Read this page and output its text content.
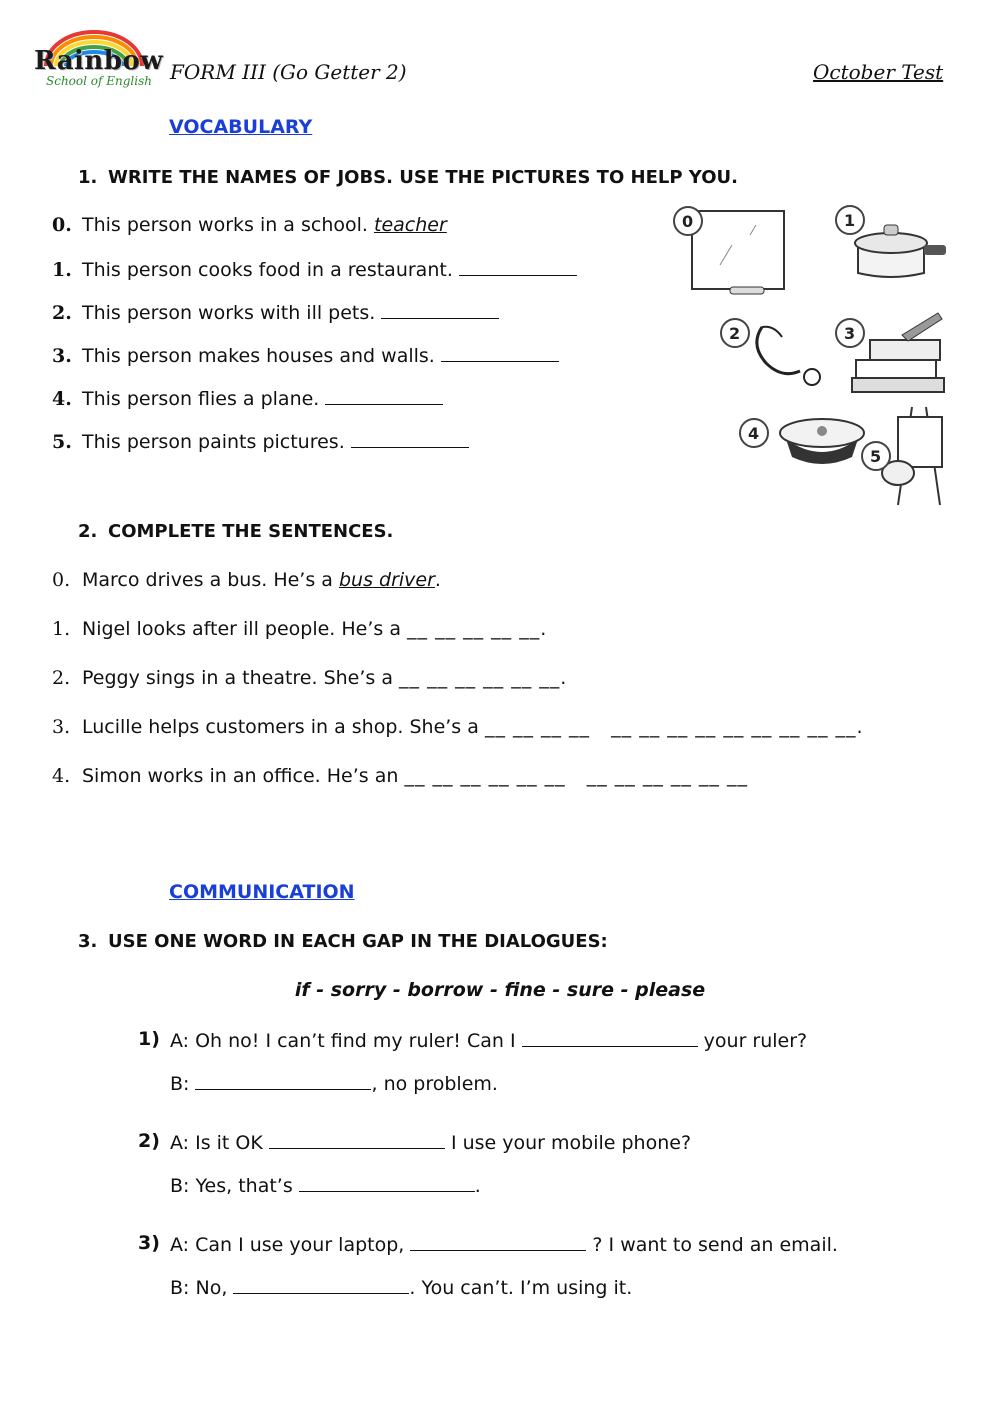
Rainbow
School of English FORM III (Go Getter 2)	October Test
VOCABULARY
1. WRITE THE NAMES OF JOBS. USE THE PICTURES TO HELP YOU.
0. This person works in a school. teacher
1. This person cooks food in a restaurant.
2. This person works with ill pets.
3. This person makes houses and walls.
4. This person flies a plane.
5. This person paints pictures.
0	1
2	3
4
5
2. COMPLETE THE SENTENCES.
0. Marco drives a bus. He’s a bus driver.
1. Nigel looks after ill people. He’s a __ __ __ __ __.
2. Peggy sings in a theatre. She’s a __ __ __ __ __ __.
3. Lucille helps customers in a shop. She’s a __ __ __ __   __ __ __ __ __ __ __ __ __.
4. Simon works in an office. He’s an __ __ __ __ __ __   __ __ __ __ __ __
COMMUNICATION
3. USE ONE WORD IN EACH GAP IN THE DIALOGUES:
if - sorry - borrow - fine - sure - please
1) A: Oh no! I can’t find my ruler! Can I	your ruler?
B:	, no problem.
2) A: Is it OK	I use your mobile phone?
B: Yes, that’s	.
3) A: Can I use your laptop,	? I want to send an email.
B: No,	. You can’t. I’m using it.
